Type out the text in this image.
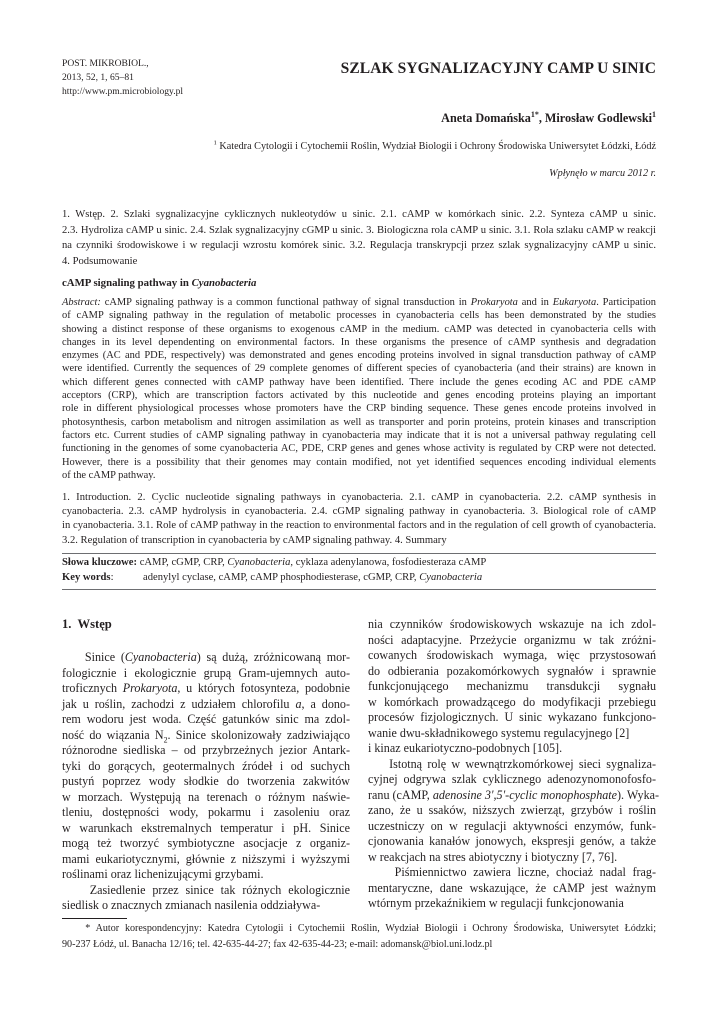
POST. MIKROBIOL.,
2013, 52, 1, 65–81
http://www.pm.microbiology.pl
SZLAK SYGNALIZACYJNY CAMP U SINIC
Aneta Domańska$^{1*}$, Mirosław Godlewski$^1$
$^1$ Katedra Cytologii i Cytochemii Roślin, Wydział Biologii i Ochrony Środowiska Uniwersytet Łódzki, Łódź
Wpłynęło w marcu 2012 r.
1. Wstęp. 2. Szlaki sygnalizacyjne cyklicznych nukleotydów u sinic. 2.1. cAMP w komórkach sinic. 2.2. Synteza cAMP u sinic.
2.3. Hydroliza cAMP u sinic. 2.4. Szlak sygnalizacyjny cGMP u sinic. 3. Biologiczna rola cAMP u sinic. 3.1. Rola szlaku cAMP w reakcji
na czynniki środowiskowe i w regulacji wzrostu komórek sinic. 3.2. Regulacja transkrypcji przez szlak sygnalizacyjny cAMP u sinic.
4. Podsumowanie
cAMP signaling pathway in Cyanobacteria
Abstract: cAMP signaling pathway is a common functional pathway of signal transduction in Prokaryota and in Eukaryota. Participation
of cAMP signaling pathway in the regulation of metabolic processes in cyanobacteria cells has been demonstrated by the studies
showing a distinct response of these organisms to exogenous cAMP in the medium. cAMP was detected in cyanobacteria cells with
changes in its level dependenting on environmental factors. In these organisms the presence of cAMP synthesis and degradation
enzymes (AC and PDE, respectively) was demonstrated and genes encoding proteins involved in signal transduction pathway of cAMP
were identified. Currently the sequences of 29 complete genomes of different species of cyanobacteria (and their strains) are known in
which different genes connected with cAMP pathway have been identified. There include the genes ecoding AC and PDE cAMP
acceptors (CRP), which are transcription factors activated by this nucleotide and genes encoding proteins playing an important
role in different physiological processes whose promoters have the CRP binding sequence. These genes encode proteins involved in
photosynthesis, carbon metabolism and nitrogen assimilation as well as transporter and porin proteins, protein kinases and transcription
factors etc. Current studies of cAMP signaling pathway in cyanobacteria may indicate that it is not a universal pathway regulating cell
functioning in the genomes of some cyanobacteria AC, PDE, CRP genes and genes whose activity is regulated by CRP were not detected.
However, there is a possibility that their genomes may contain modified, not yet identified sequences encoding individual elements
of the cAMP pathway.
1. Introduction. 2. Cyclic nucleotide signaling pathways in cyanobacteria. 2.1. cAMP in cyanobacteria. 2.2. cAMP synthesis in
cyanobacteria. 2.3. cAMP hydrolysis in cyanobacteria. 2.4. cGMP signaling pathway in cyanobacteria. 3. Biological role of cAMP
in cyanobacteria. 3.1. Role of cAMP pathway in the reaction to environmental factors and in the regulation of cell growth of cyanobacteria.
3.2. Regulation of transcription in cyanobacteria by cAMP signaling pathway. 4. Summary
Słowa kluczowe: cAMP, cGMP, CRP, Cyanobacteria, cyklaza adenylanowa, fosfodiesteraza cAMP
Key words:	adenylyl cyclase, cAMP, cAMP phosphodiesterase, cGMP, CRP, Cyanobacteria
1.  Wstęp
Sinice (Cyanobacteria) są dużą, zróżnicowaną mor-
fologicznie i ekologicznie grupą Gram-ujemnych auto-
troficznych Prokaryota, u których fotosynteza, podobnie
jak u roślin, zachodzi z udziałem chlorofilu a, a dono-
rem wodoru jest woda. Część gatunków sinic ma zdol-
ność do wiązania $N_2$. Sinice skolonizowały zadziwiająco
różnorodne siedliska – od przybrzeżnych jezior Antark-
tyki do gorących, geotermalnych źródeł i od suchych
pustyń poprzez wody słodkie do tworzenia zakwitów
w morzach. Występują na terenach o różnym naświe-
tleniu, dostępności wody, pokarmu i zasoleniu oraz
w warunkach ekstremalnych temperatur i pH. Sinice
mogą też tworzyć symbiotyczne asocjacje z organiz-
mami eukariotycznymi, głównie z niższymi i wyższymi
roślinami oraz lichenizującymi grzybami.
Zasiedlenie przez sinice tak różnych ekologicznie
siedlisk o znacznych zmianach nasilenia oddziaływa-
nia czynników środowiskowych wskazuje na ich zdol-
ności adaptacyjne. Przeżycie organizmu w tak zróżni-
cowanych środowiskach wymaga, więc przystosowań
do odbierania pozakomórkowych sygnałów i sprawnie
funkcjonującego mechanizmu transdukcji sygnału
w komórkach prowadzącego do modyfikacji przebiegu
procesów fizjologicznych. U sinic wykazano funkcjono-
wanie dwu-składnikowego systemu regulacyjnego [2]
i kinaz eukariotyczno-podobnych [105].
Istotną rolę w wewnątrzkomórkowej sieci sygnaliza-
cyjnej odgrywa szlak cyklicznego adenozynomonofosfo-
ranu (cAMP, adenosine 3',5'-cyclic monophosphate). Wyka-
zano, że u ssaków, niższych zwierząt, grzybów i roślin
uczestniczy on w regulacji aktywności enzymów, funk-
cjonowania kanałów jonowych, ekspresji genów, a także
w reakcjach na stres abiotyczny i biotyczny [7, 76].
Piśmiennictwo zawiera liczne, chociaż nadal frag-
mentaryczne, dane wskazujące, że cAMP jest ważnym
wtórnym przekaźnikiem w regulacji funkcjonowania
* Autor korespondencyjny: Katedra Cytologii i Cytochemii Roślin, Wydział Biologii i Ochrony Środowiska, Uniwersytet Łódzki;
90-237 Łódź, ul. Banacha 12/16; tel. 42-635-44-27; fax 42-635-44-23; e-mail: adomansk@biol.uni.lodz.pl
